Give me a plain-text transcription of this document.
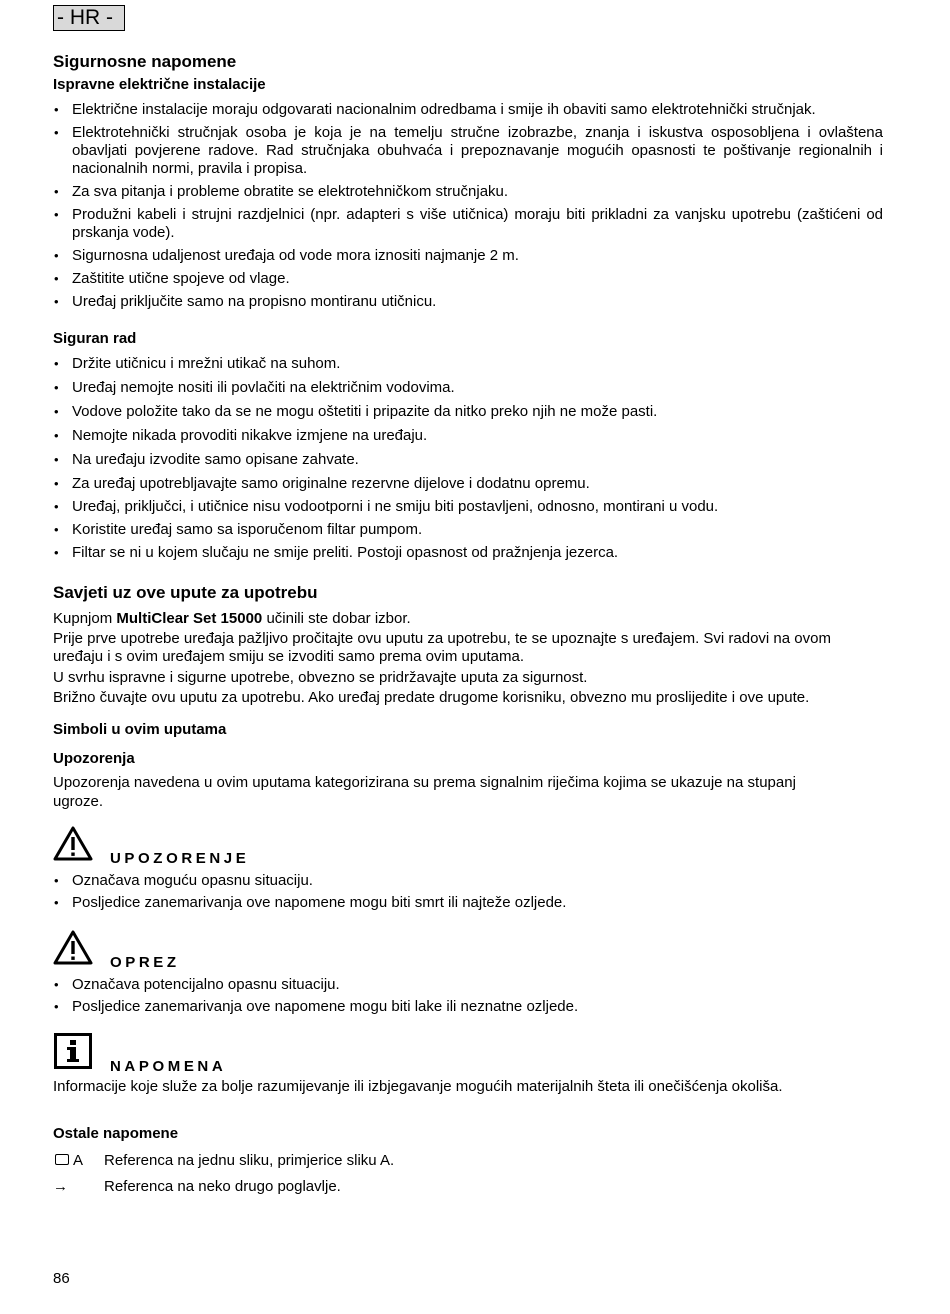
- HR -
Sigurnosne napomene
Ispravne električne instalacije
• Električne instalacije moraju odgovarati nacionalnim odredbama i smije ih obaviti samo elektrotehnički stručnjak.
• Elektrotehnički stručnjak osoba je koja je na temelju stručne izobrazbe, znanja i iskustva osposobljena i ovlaštena obavljati povjerene radove. Rad stručnjaka obuhvaća i prepoznavanje mogućih opasnosti te poštivanje regionalnih i nacionalnih normi, pravila i propisa.
• Za sva pitanja i probleme obratite se elektrotehničkom stručnjaku.
• Produžni kabeli i strujni razdjelnici (npr. adapteri s više utičnica) moraju biti prikladni za vanjsku upotrebu (zaštićeni od prskanja vode).
• Sigurnosna udaljenost uređaja od vode mora iznositi najmanje 2 m.
• Zaštitite utične spojeve od vlage.
• Uređaj priključite samo na propisno montiranu utičnicu.
Siguran rad
• Držite utičnicu i mrežni utikač na suhom.
• Uređaj nemojte nositi ili povlačiti na električnim vodovima.
• Vodove položite tako da se ne mogu oštetiti i pripazite da nitko preko njih ne može pasti.
• Nemojte nikada provoditi nikakve izmjene na uređaju.
• Na uređaju izvodite samo opisane zahvate.
• Za uređaj upotrebljavajte samo originalne rezervne dijelove i dodatnu opremu.
• Uređaj, priključci, i utičnice nisu vodootporni i ne smiju biti postavljeni, odnosno, montirani u vodu.
• Koristite uređaj samo sa isporučenom filtar pumpom.
• Filtar se ni u kojem slučaju ne smije preliti. Postoji opasnost od pražnjenja jezerca.
Savjeti uz ove upute za upotrebu
Kupnjom MultiClear Set 15000 učinili ste dobar izbor.
Prije prve upotrebe uređaja pažljivo pročitajte ovu uputu za upotrebu, te se upoznajte s uređajem. Svi radovi na ovom
uređaju i s ovim uređajem smiju se izvoditi samo prema ovim uputama.
U svrhu ispravne i sigurne upotrebe, obvezno se pridržavajte uputa za sigurnost.
Brižno čuvajte ovu uputu za upotrebu. Ako uređaj predate drugome korisniku, obvezno mu proslijedite i ove upute.
Simboli u ovim uputama
Upozorenja
Upozorenja navedena u ovim uputama kategorizirana su prema signalnim riječima kojima se ukazuje na stupanj
ugroze.
UPOZORENJE
• Označava moguću opasnu situaciju.
• Posljedice zanemarivanja ove napomene mogu biti smrt ili najteže ozljede.
OPREZ
• Označava potencijalno opasnu situaciju.
• Posljedice zanemarivanja ove napomene mogu biti lake ili neznatne ozljede.
NAPOMENA
Informacije koje služe za bolje razumijevanje ili izbjegavanje mogućih materijalnih šteta ili onečišćenja okoliša.
Ostale napomene
A Referenca na jednu sliku, primjerice sliku A.
→ Referenca na neko drugo poglavlje.
86
